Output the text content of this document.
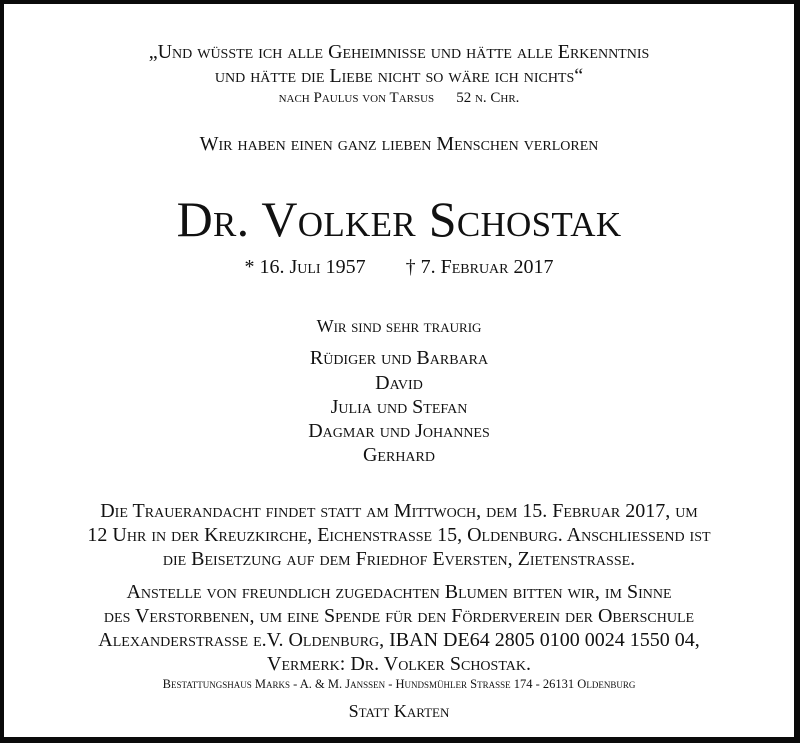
„Und wüsste ich alle Geheimnisse und hätte alle Erkenntnis
und hätte die Liebe nicht so wäre ich nichts“
nach Paulus von Tarsus 52 n. Chr.
Wir haben einen ganz lieben Menschen verloren
Dr. Volker Schostak
* 16. Juli 1957 † 7. Februar 2017
Wir sind sehr traurig
Rüdiger und Barbara
David
Julia und Stefan
Dagmar und Johannes
Gerhard
Die Trauerandacht findet statt am Mittwoch, dem 15. Februar 2017, um
12 Uhr in der Kreuzkirche, Eichenstraße 15, Oldenburg. Anschließend ist
die Beisetzung auf dem Friedhof Eversten, Zietenstraße.
Anstelle von freundlich zugedachten Blumen bitten wir, im Sinne
des Verstorbenen, um eine Spende für den Förderverein der Oberschule
Alexanderstraße e.V. Oldenburg, IBAN DE64 2805 0100 0024 1550 04,
Vermerk: Dr. Volker Schostak.
Bestattungshaus Marks - A. & M. Janßen - Hundsmühler Straße 174 - 26131 Oldenburg
Statt Karten
